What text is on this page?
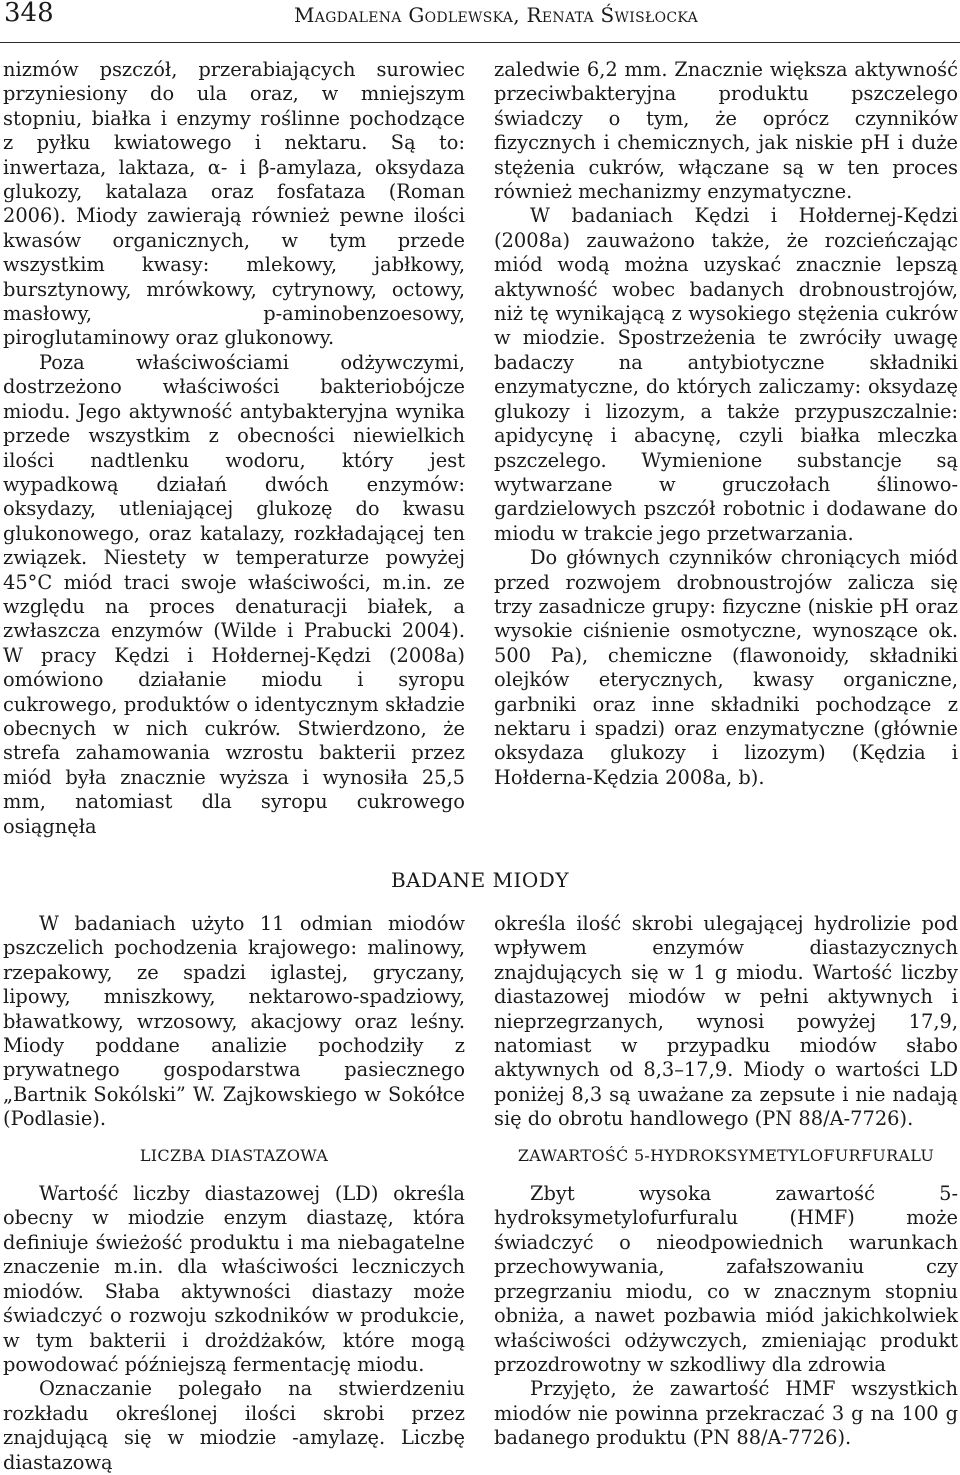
348	Magdalena Godlewska, Renata Świsłocka

nizmów pszczół, przerabiających surowiec przyniesiony do ula oraz, w mniejszym stopniu, białka i enzymy roślinne pochodzące z pyłku kwiatowego i nektaru. Są to: inwertaza, laktaza, α- i β-amylaza, oksydaza glukozy, katalaza oraz fosfataza (Roman 2006). Miody zawierają również pewne ilości kwasów organicznych, w tym przede wszystkim kwasy: mlekowy, jabłkowy, bursztynowy, mrówkowy, cytrynowy, octowy, masłowy, p-aminobenzoesowy, piroglutaminowy oraz glukonowy.

Poza właściwościami odżywczymi, dostrzeżono właściwości bakteriobójcze miodu. Jego aktywność antybakteryjna wynika przede wszystkim z obecności niewielkich ilości nadtlenku wodoru, który jest wypadkową działań dwóch enzymów: oksydazy, utleniającej glukozę do kwasu glukonowego, oraz katalazy, rozkładającej ten związek. Niestety w temperaturze powyżej 45°C miód traci swoje właściwości, m.in. ze względu na proces denaturacji białek, a zwłaszcza enzymów (Wilde i Prabucki 2004). W pracy Kędzi i Hołdernej-Kędzi (2008a) omówiono działanie miodu i syropu cukrowego, produktów o identycznym składzie obecnych w nich cukrów. Stwierdzono, że strefa zahamowania wzrostu bakterii przez miód była znacznie wyższa i wynosiła 25,5 mm, natomiast dla syropu cukrowego osiągnęła

zaledwie 6,2 mm. Znacznie większa aktywność przeciwbakteryjna produktu pszczelego świadczy o tym, że oprócz czynników fizycznych i chemicznych, jak niskie pH i duże stężenia cukrów, włączane są w ten proces również mechanizmy enzymatyczne.

W badaniach Kędzi i Hołdernej-Kędzi (2008a) zauważono także, że rozcieńczając miód wodą można uzyskać znacznie lepszą aktywność wobec badanych drobnoustrojów, niż tę wynikającą z wysokiego stężenia cukrów w miodzie. Spostrzeżenia te zwróciły uwagę badaczy na antybiotyczne składniki enzymatyczne, do których zaliczamy: oksydazę glukozy i lizozym, a także przypuszczalnie: apidycynę i abacynę, czyli białka mleczka pszczelego. Wymienione substancje są wytwarzane w gruczołach ślinowo-gardzielowych pszczół robotnic i dodawane do miodu w trakcie jego przetwarzania.

Do głównych czynników chroniących miód przed rozwojem drobnoustrojów zalicza się trzy zasadnicze grupy: fizyczne (niskie pH oraz wysokie ciśnienie osmotyczne, wynoszące ok. 500 Pa), chemiczne (flawonoidy, składniki olejków eterycznych, kwasy organiczne, garbniki oraz inne składniki pochodzące z nektaru i spadzi) oraz enzymatyczne (głównie oksydaza glukozy i lizozym) (Kędzia i Hołderna-Kędzia 2008a, b).

BADANE MIODY

W badaniach użyto 11 odmian miodów pszczelich pochodzenia krajowego: malinowy, rzepakowy, ze spadzi iglastej, gryczany, lipowy, mniszkowy, nektarowo-spadziowy, bławatkowy, wrzosowy, akacjowy oraz leśny. Miody poddane analizie pochodziły z prywatnego gospodarstwa pasiecznego „Bartnik Sokólski” W. Zajkowskiego w Sokółce (Podlasie).

LICZBA DIASTAZOWA

Wartość liczby diastazowej (LD) określa obecny w miodzie enzym diastazę, która definiuje świeżość produktu i ma niebagatelne znaczenie m.in. dla właściwości leczniczych miodów. Słaba aktywności diastazy może świadczyć o rozwoju szkodników w produkcie, w tym bakterii i drożdżaków, które mogą powodować późniejszą fermentację miodu.

Oznaczanie polegało na stwierdzeniu rozkładu określonej ilości skrobi przez znajdującą się w miodzie -amylazę. Liczbę diastazową

określa ilość skrobi ulegającej hydrolizie pod wpływem enzymów diastazycznych znajdujących się w 1 g miodu. Wartość liczby diastazowej miodów w pełni aktywnych i nieprzegrzanych, wynosi powyżej 17,9, natomiast w przypadku miodów słabo aktywnych od 8,3–17,9. Miody o wartości LD poniżej 8,3 są uważane za zepsute i nie nadają się do obrotu handlowego (PN 88/A-7726).

ZAWARTOŚĆ 5-HYDROKSYMETYLOFURFURALU

Zbyt wysoka zawartość 5-hydroksymetylofurfuralu (HMF) może świadczyć o nieodpowiednich warunkach przechowywania, zafałszowaniu czy przegrzaniu miodu, co w znacznym stopniu obniża, a nawet pozbawia miód jakichkolwiek właściwości odżywczych, zmieniając produkt przozdrowotny w szkodliwy dla zdrowia

Przyjęto, że zawartość HMF wszystkich miodów nie powinna przekraczać 3 g na 100 g badanego produktu (PN 88/A-7726).
